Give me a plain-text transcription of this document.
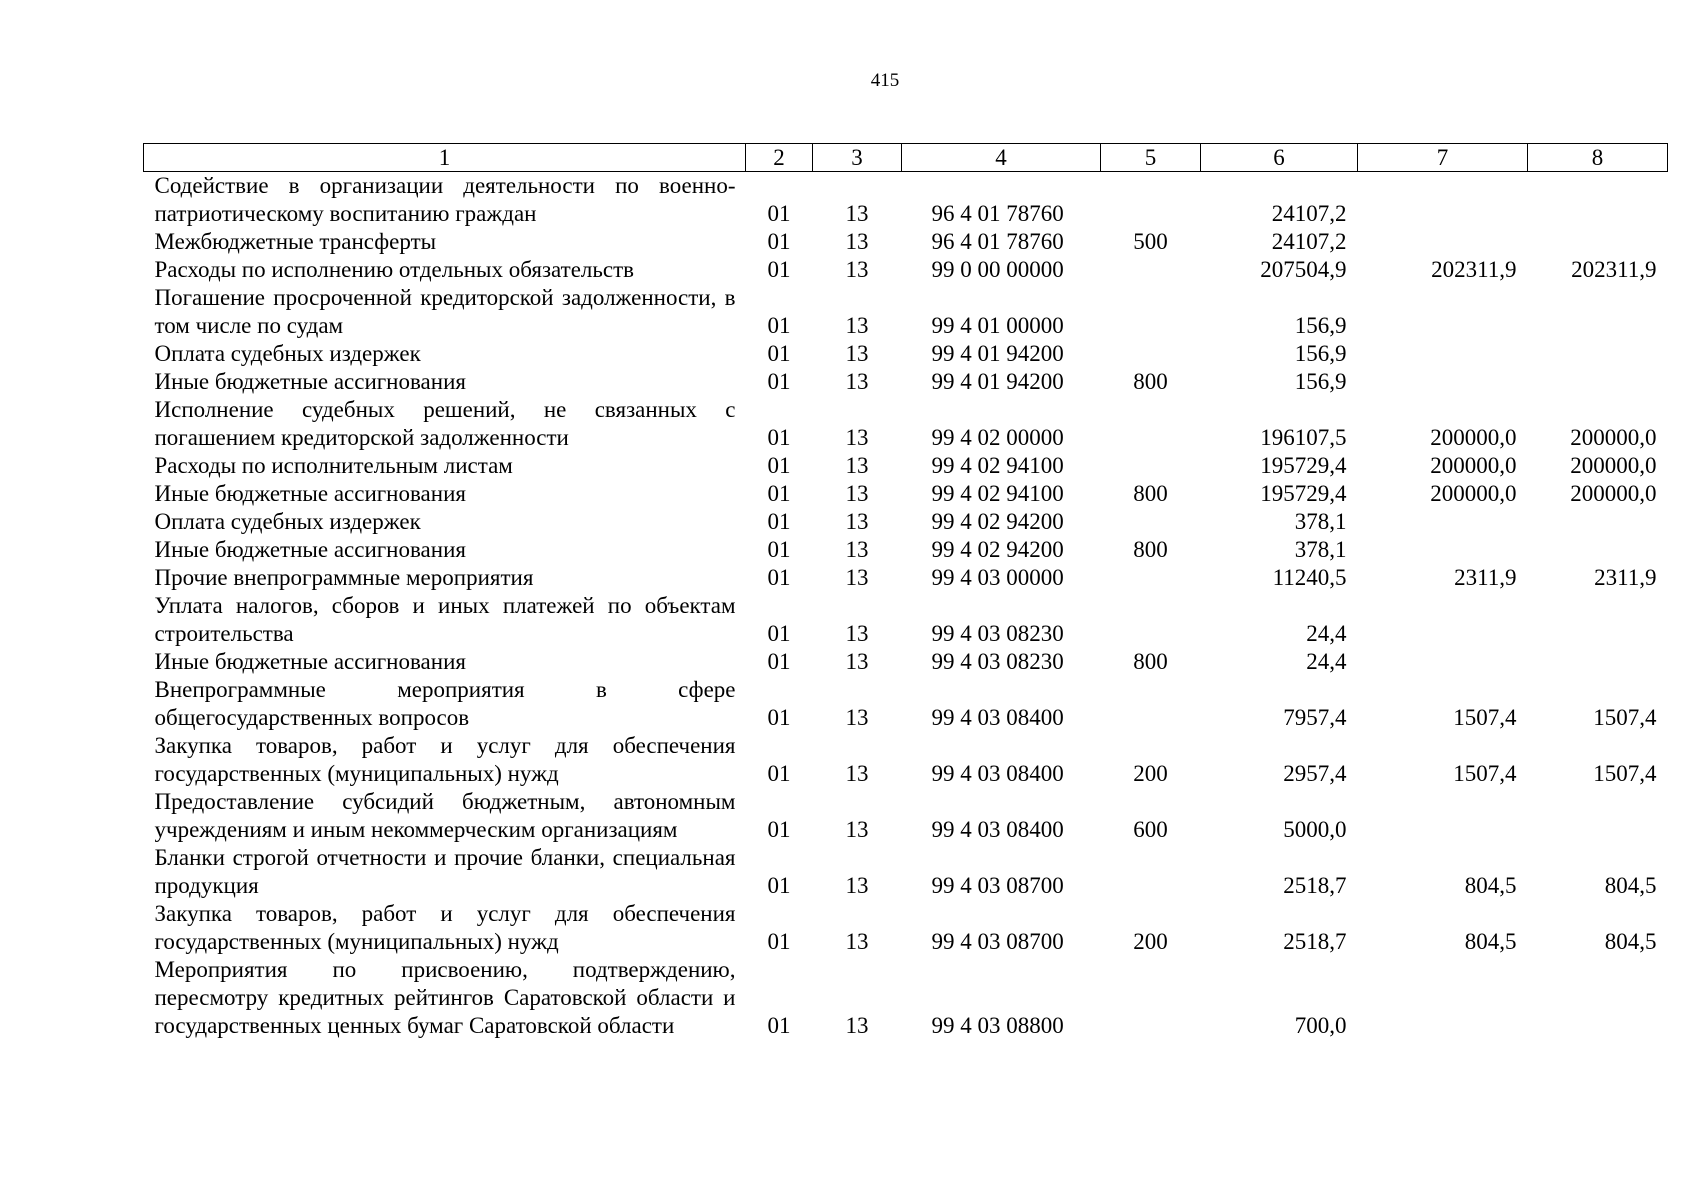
415
1	2	3	4	5	6	7	8
Содействие в организации деятельности по военно-патриотическому воспитанию граждан	01	13	96 4 01 78760		24107,2		
Межбюджетные трансферты	01	13	96 4 01 78760	500	24107,2		
Расходы по исполнению отдельных обязательств	01	13	99 0 00 00000		207504,9	202311,9	202311,9
Погашение просроченной кредиторской задолженности, в том числе по судам	01	13	99 4 01 00000		156,9		
Оплата судебных издержек	01	13	99 4 01 94200		156,9		
Иные бюджетные ассигнования	01	13	99 4 01 94200	800	156,9		
Исполнение судебных решений, не связанных с погашением кредиторской задолженности	01	13	99 4 02 00000		196107,5	200000,0	200000,0
Расходы по исполнительным листам	01	13	99 4 02 94100		195729,4	200000,0	200000,0
Иные бюджетные ассигнования	01	13	99 4 02 94100	800	195729,4	200000,0	200000,0
Оплата судебных издержек	01	13	99 4 02 94200		378,1		
Иные бюджетные ассигнования	01	13	99 4 02 94200	800	378,1		
Прочие внепрограммные мероприятия	01	13	99 4 03 00000		11240,5	2311,9	2311,9
Уплата налогов, сборов и иных платежей по объектам строительства	01	13	99 4 03 08230		24,4		
Иные бюджетные ассигнования	01	13	99 4 03 08230	800	24,4		
Внепрограммные мероприятия в сфере общегосударственных вопросов	01	13	99 4 03 08400		7957,4	1507,4	1507,4
Закупка товаров, работ и услуг для обеспечения государственных (муниципальных) нужд	01	13	99 4 03 08400	200	2957,4	1507,4	1507,4
Предоставление субсидий бюджетным, автономным учреждениям и иным некоммерческим организациям	01	13	99 4 03 08400	600	5000,0		
Бланки строгой отчетности и прочие бланки, специальная продукция	01	13	99 4 03 08700		2518,7	804,5	804,5
Закупка товаров, работ и услуг для обеспечения государственных (муниципальных) нужд	01	13	99 4 03 08700	200	2518,7	804,5	804,5
Мероприятия по присвоению, подтверждению, пересмотру кредитных рейтингов Саратовской области и государственных ценных бумаг Саратовской области	01	13	99 4 03 08800		700,0		
